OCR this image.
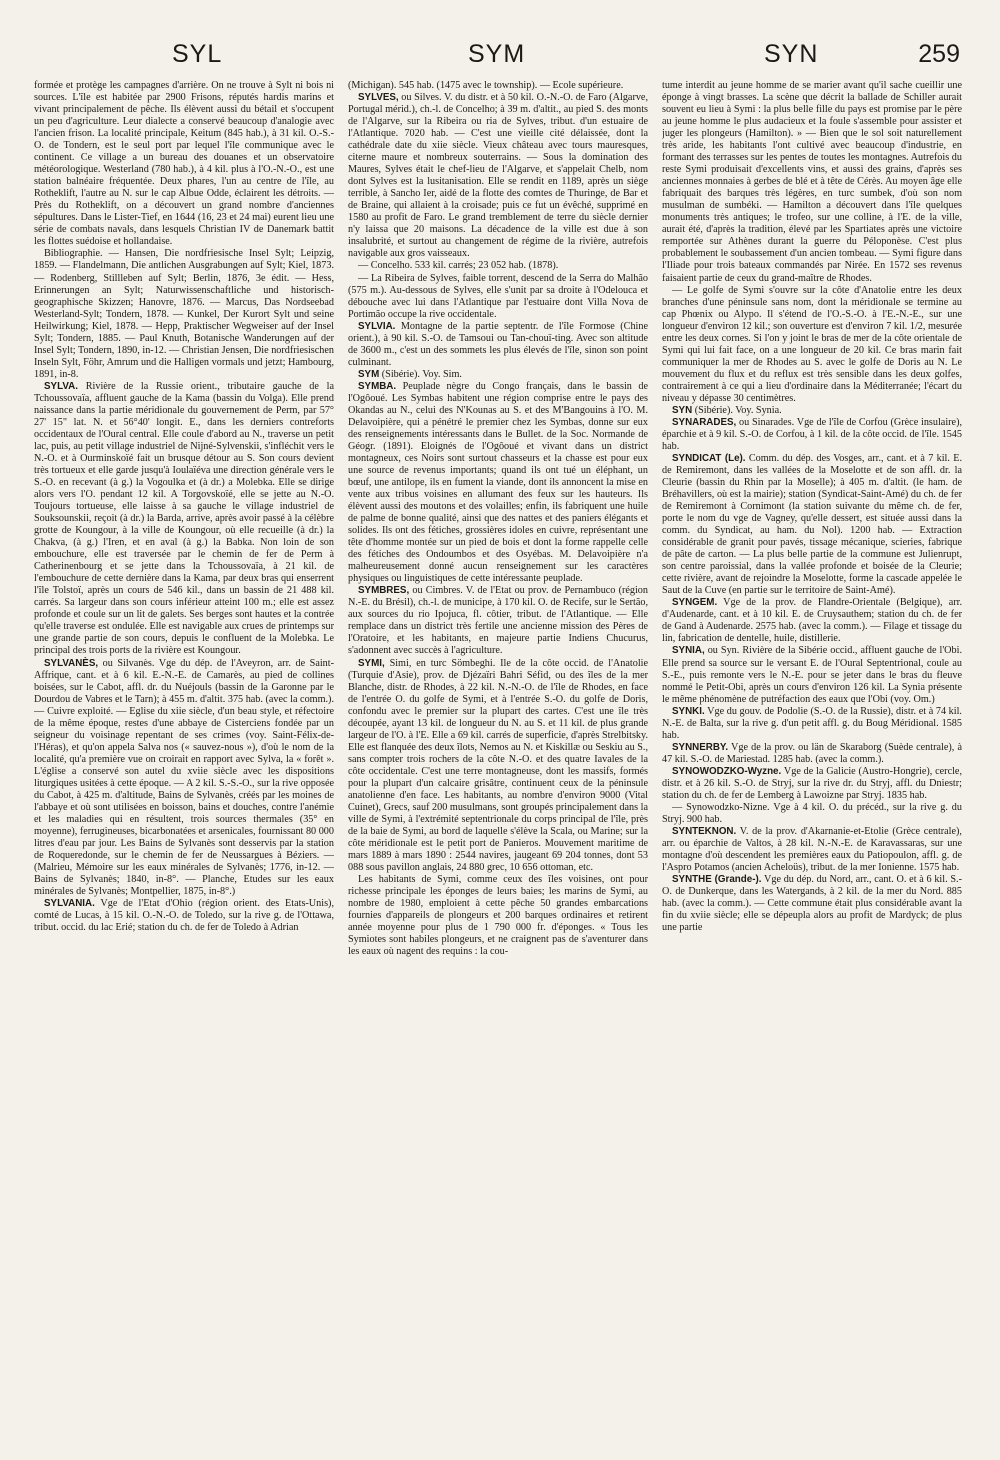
SYL	SYM	SYN	259

formée et protège les campagnes d'arrière. On ne trouve à Sylt ni bois ni sources. L'île est habitée par 2900 Frisons, réputés hardis marins et vivant principalement de pêche. Ils élèvent aussi du bétail et s'occupent un peu d'agriculture. Leur dialecte a conservé beaucoup d'analogie avec l'ancien frison. La localité principale, Keitum (845 hab.), à 31 kil. O.-S.-O. de Tondern, est le seul port par lequel l'île communique avec le continent. Ce village a un bureau des douanes et un observatoire météorologique. Westerland (780 hab.), à 4 kil. plus à l'O.-N.-O., est une station balnéaire fréquentée. Deux phares, l'un au centre de l'île, au Rotheklift, l'autre au N. sur le cap Albue Odde, éclairent les détroits. — Près du Rotheklift, on a découvert un grand nombre d'anciennes sépultures. Dans le Lister-Tief, en 1644 (16, 23 et 24 mai) eurent lieu une série de combats navals, dans lesquels Christian IV de Danemark battit les flottes suédoise et hollandaise.

Bibliographie. — Hansen, Die nordfriesische Insel Sylt; Leipzig, 1859. — Flandelmann, Die antlichen Ausgrabungen auf Sylt; Kiel, 1873. — Rodenberg, Stillleben auf Sylt; Berlin, 1876, 3e édit. — Hess, Erinnerungen an Sylt; Naturwissenschaftliche und historisch-geographische Skizzen; Hanovre, 1876. — Marcus, Das Nordseebad Westerland-Sylt; Tondern, 1878. — Kunkel, Der Kurort Sylt und seine Heilwirkung; Kiel, 1878. — Hepp, Praktischer Wegweiser auf der Insel Sylt; Tondern, 1885. — Paul Knuth, Botanische Wanderungen auf der Insel Sylt; Tondern, 1890, in-12. — Christian Jensen, Die nordfriesischen Inseln Sylt, Föhr, Amrum und die Halligen vormals und jetzt; Hambourg, 1891, in-8.

SYLVA. Rivière de la Russie orient., tributaire gauche de la Tchoussovaïa, affluent gauche de la Kama (bassin du Volga). Elle prend naissance dans la partie méridionale du gouvernement de Perm, par 57° 27' 15" lat. N. et 56°40' longit. E., dans les derniers contreforts occidentaux de l'Oural central. Elle coule d'abord au N., traverse un petit lac, puis, au petit village industriel de Nijné-Sylvenskii, s'infléchit vers le N.-O. et à Ourminskoïé fait un brusque détour au S. Son cours devient très tortueux et elle garde jusqu'à Ioulaïéva une direction générale vers le S.-O. en recevant (à g.) la Vogoulka et (à dr.) a Molebka. Elle se dirige alors vers l'O. pendant 12 kil. A Torgovskoïé, elle se jette au N.-O. Toujours tortueuse, elle laisse à sa gauche le village industriel de Souksounskii, reçoit (à dr.) la Barda, arrive, après avoir passé à la célèbre grotte de Koungour, à la ville de Koungour, où elle recueille (à dr.) la Chakva, (à g.) l'Iren, et en aval (à g.) la Babka. Non loin de son embouchure, elle est traversée par le chemin de fer de Perm à Catherinenbourg et se jette dans la Tchoussovaïa, à 21 kil. de l'embouchure de cette dernière dans la Kama, par deux bras qui enserrent l'île Tolstoï, après un cours de 546 kil., dans un bassin de 21 488 kil. carrés. Sa largeur dans son cours inférieur atteint 100 m.; elle est assez profonde et coule sur un lit de galets. Ses berges sont hautes et la contrée qu'elle traverse est ondulée. Elle est navigable aux crues de printemps sur une grande partie de son cours, depuis le confluent de la Molebka. Le principal des trois ports de la rivière est Koungour.

SYLVANÈS, ou Silvanès. Vge du dép. de l'Aveyron, arr. de Saint-Affrique, cant. et à 6 kil. E.-N.-E. de Camarès, au pied de collines boisées, sur le Cabot, affl. dr. du Nuéjouls (bassin de la Garonne par le Dourdou de Vabres et le Tarn); à 455 m. d'altit. 375 hab. (avec la comm.). — Cuivre exploité. — Eglise du xiie siècle, d'un beau style, et réfectoire de la même époque, restes d'une abbaye de Cisterciens fondée par un seigneur du voisinage repentant de ses crimes (voy. Saint-Félix-de-l'Héras), et qu'on appela Salva nos (« sauvez-nous »), d'où le nom de la localité, qu'a première vue on croirait en rapport avec Sylva, la « forêt ». L'église a conservé son autel du xviie siècle avec les dispositions liturgiques usitées à cette époque. — A 2 kil. S.-S.-O., sur la rive opposée du Cabot, à 425 m. d'altitude, Bains de Sylvanès, créés par les moines de l'abbaye et où sont utilisées en boisson, bains et douches, contre l'anémie et les maladies qui en résultent, trois sources thermales (35° en moyenne), ferrugineuses, bicarbonatées et arsenicales, fournissant 80 000 litres d'eau par jour. Les Bains de Sylvanès sont desservis par la station de Roqueredonde, sur le chemin de fer de Neussargues à Béziers. — (Malrieu, Mémoire sur les eaux minérales de Sylvanès; 1776, in-12. — Bains de Sylvanès; 1840, in-8°. — Planche, Etudes sur les eaux minérales de Sylvanès; Montpellier, 1875, in-8°.)

SYLVANIA. Vge de l'Etat d'Ohio (région orient. des Etats-Unis), comté de Lucas, à 15 kil. O.-N.-O. de Toledo, sur la rive g. de l'Ottawa, tribut. occid. du lac Erié; station du ch. de fer de Toledo à Adrian

(Michigan). 545 hab. (1475 avec le township). — Ecole supérieure.

SYLVES, ou Silves. V. du distr. et à 50 kil. O.-N.-O. de Faro (Algarve, Portugal mérid.), ch.-l. de Concelho; à 39 m. d'altit., au pied S. des monts de l'Algarve, sur la Ribeira ou ria de Sylves, tribut. d'un estuaire de l'Atlantique. 7020 hab. — C'est une vieille cité délaissée, dont la cathédrale date du xiie siècle. Vieux château avec tours mauresques, citerne maure et nombreux souterrains. — Sous la domination des Maures, Sylves était le chef-lieu de l'Algarve, et s'appelait Chelb, nom dont Sylves est la lusitanisation. Elle se rendit en 1189, après un siège terrible, à Sancho Ier, aidé de la flotte des comtes de Thuringe, de Bar et de Braine, qui allaient à la croisade; puis ce fut un évêché, supprimé en 1580 au profit de Faro. Le grand tremblement de terre du siècle dernier n'y laissa que 20 maisons. La décadence de la ville est due à son insalubrité, et surtout au changement de régime de la rivière, autrefois navigable aux gros vaisseaux.

— Concelho. 533 kil. carrés; 23 052 hab. (1878).

— La Ribeira de Sylves, faible torrent, descend de la Serra do Malhão (575 m.). Au-dessous de Sylves, elle s'unit par sa droite à l'Odelouca et débouche avec lui dans l'Atlantique par l'estuaire dont Villa Nova de Portimão occupe la rive occidentale.

SYLVIA. Montagne de la partie septentr. de l'île Formose (Chine orient.), à 90 kil. S.-O. de Tamsoui ou Tan-chouï-ting. Avec son altitude de 3600 m., c'est un des sommets les plus élevés de l'île, sinon son point culminant.

SYM (Sibérie). Voy. Sim.

SYMBA. Peuplade nègre du Congo français, dans le bassin de l'Ogôoué. Les Symbas habitent une région comprise entre le pays des Okandas au N., celui des N'Kounas au S. et des M'Bangouins à l'O. M. Delavoipière, qui a pénétré le premier chez les Symbas, donne sur eux des renseignements intéressants dans le Bullet. de la Soc. Normande de Géogr. (1891). Eloignés de l'Ogôoué et vivant dans un district montagneux, ces Noirs sont surtout chasseurs et la chasse est pour eux une source de revenus importants; quand ils ont tué un éléphant, un bœuf, une antilope, ils en fument la viande, dont ils annoncent la mise en vente aux tribus voisines en allumant des feux sur les hauteurs. Ils élèvent aussi des moutons et des volailles; enfin, ils fabriquent une huile de palme de bonne qualité, ainsi que des nattes et des paniers élégants et solides. Ils ont des fétiches, grossières idoles en cuivre, représentant une tête d'homme montée sur un pied de bois et dont la forme rappelle celle des fétiches des Ondoumbos et des Osyébas. M. Delavoipière n'a malheureusement donné aucun renseignement sur les caractères physiques ou linguistiques de cette intéressante peuplade.

SYMBRES, ou Cimbres. V. de l'Etat ou prov. de Pernambuco (région N.-E. du Brésil), ch.-l. de municipe, à 170 kil. O. de Recife, sur le Sertão, aux sources du rio Ipojuca, fl. côtier, tribut. de l'Atlantique. — Elle remplace dans un district très fertile une ancienne mission des Pères de l'Oratoire, et les habitants, en majeure partie Indiens Chucurus, s'adonnent avec succès à l'agriculture.

SYMI, Simi, en turc Sömbeghi. Ile de la côte occid. de l'Anatolie (Turquie d'Asie), prov. de Djézaïri Bahri Séfid, ou des îles de la mer Blanche, distr. de Rhodes, à 22 kil. N.-N.-O. de l'île de Rhodes, en face de l'entrée O. du golfe de Symi, et à l'entrée S.-O. du golfe de Doris, confondu avec le premier sur la plupart des cartes. C'est une île très découpée, ayant 13 kil. de longueur du N. au S. et 11 kil. de plus grande largeur de l'O. à l'E. Elle a 69 kil. carrés de superficie, d'après Strelbitsky. Elle est flanquée des deux îlots, Nemos au N. et Kiskillæ ou Seskiu au S., sans compter trois rochers de la côte N.-O. et des quatre Iavales de la côte occidentale. C'est une terre montagneuse, dont les massifs, formés pour la plupart d'un calcaire grisâtre, continuent ceux de la péninsule anatolienne d'en face. Les habitants, au nombre d'environ 9000 (Vital Cuinet), Grecs, sauf 200 musulmans, sont groupés principalement dans la ville de Symi, à l'extrémité septentrionale du corps principal de l'île, près de la baie de Symi, au bord de laquelle s'élève la Scala, ou Marine; sur la côte méridionale est le petit port de Panieros. Mouvement maritime de mars 1889 à mars 1890 : 2544 navires, jaugeant 69 204 tonnes, dont 53 088 sous pavillon anglais, 24 880 grec, 10 656 ottoman, etc.

Les habitants de Symi, comme ceux des îles voisines, ont pour richesse principale les éponges de leurs baies; les marins de Symi, au nombre de 1980, emploient à cette pêche 50 grandes embarcations fournies d'appareils de plongeurs et 200 barques ordinaires et retirent année moyenne pour plus de 1 790 000 fr. d'éponges. « Tous les Symiotes sont habiles plongeurs, et ne craignent pas de s'aventurer dans les eaux où nagent des requins : la cou-

tume interdit au jeune homme de se marier avant qu'il sache cueillir une éponge à vingt brasses. La scène que décrit la ballade de Schiller aurait souvent eu lieu à Symi : la plus belle fille du pays est promise par le père au jeune homme le plus audacieux et la foule s'assemble pour assister et juger les plongeurs (Hamilton). » — Bien que le sol soit naturellement très aride, les habitants l'ont cultivé avec beaucoup d'industrie, en formant des terrasses sur les pentes de toutes les montagnes. Autrefois du reste Symi produisait d'excellents vins, et aussi des grains, d'après ses anciennes monnaies à gerbes de blé et à tête de Cérès. Au moyen âge elle fabriquait des barques très légères, en turc sumbek, d'où son nom musulman de sumbéki. — Hamilton a découvert dans l'île quelques monuments très antiques; le trofeo, sur une colline, à l'E. de la ville, aurait été, d'après la tradition, élevé par les Spartiates après une victoire remportée sur Athènes durant la guerre du Péloponèse. C'est plus probablement le soubassement d'un ancien tombeau. — Symi figure dans l'Iliade pour trois bateaux commandés par Nirée. En 1572 ses revenus faisaient partie de ceux du grand-maître de Rhodes.

— Le golfe de Symi s'ouvre sur la côte d'Anatolie entre les deux branches d'une péninsule sans nom, dont la méridionale se termine au cap Phœnix ou Alypo. Il s'étend de l'O.-S.-O. à l'E.-N.-E., sur une longueur d'environ 12 kil.; son ouverture est d'environ 7 kil. 1/2, mesurée entre les deux cornes. Si l'on y joint le bras de mer de la côte orientale de Symi qui lui fait face, on a une longueur de 20 kil. Ce bras marin fait communiquer la mer de Rhodes au S. avec le golfe de Doris au N. Le mouvement du flux et du reflux est très sensible dans les deux golfes, contrairement à ce qui a lieu d'ordinaire dans la Méditerranée; l'écart du niveau y dépasse 30 centimètres.

SYN (Sibérie). Voy. Synia.

SYNARADES, ou Sinarades. Vge de l'île de Corfou (Grèce insulaire), éparchie et à 9 kil. S.-O. de Corfou, à 1 kil. de la côte occid. de l'île. 1545 hab.

SYNDICAT (Le). Comm. du dép. des Vosges, arr., cant. et à 7 kil. E. de Remiremont, dans les vallées de la Moselotte et de son affl. dr. la Cleurie (bassin du Rhin par la Moselle); à 405 m. d'altit. (le ham. de Bréhavillers, où est la mairie); station (Syndicat-Saint-Amé) du ch. de fer de Remiremont à Cornimont (la station suivante du même ch. de fer, porte le nom du vge de Vagney, qu'elle dessert, est située aussi dans la comm. du Syndicat, au ham. du Nol). 1200 hab. — Extraction considérable de granit pour pavés, tissage mécanique, scieries, fabrique de pâte de carton. — La plus belle partie de la commune est Julienrupt, son centre paroissial, dans la vallée profonde et boisée de la Cleurie; cette rivière, avant de rejoindre la Moselotte, forme la cascade appelée le Saut de la Cuve (en partie sur le territoire de Saint-Amé).

SYNGEM. Vge de la prov. de Flandre-Orientale (Belgique), arr. d'Audenarde, cant. et à 10 kil. E. de Cruysauthem; station du ch. de fer de Gand à Audenarde. 2575 hab. (avec la comm.). — Filage et tissage du lin, fabrication de dentelle, huile, distillerie.

SYNIA, ou Syn. Rivière de la Sibérie occid., affluent gauche de l'Obi. Elle prend sa source sur le versant E. de l'Oural Septentrional, coule au S.-E., puis remonte vers le N.-E. pour se jeter dans le bras du fleuve nommé le Petit-Obi, après un cours d'environ 126 kil. La Synia présente le même phénomène de putréfaction des eaux que l'Obi (voy. Om.)

SYNKI. Vge du gouv. de Podolie (S.-O. de la Russie), distr. et à 74 kil. N.-E. de Balta, sur la rive g. d'un petit affl. g. du Boug Méridional. 1585 hab.

SYNNERBY. Vge de la prov. ou län de Skaraborg (Suède centrale), à 47 kil. S.-O. de Mariestad. 1285 hab. (avec la comm.).

SYNOWODZKO-Wyzne. Vge de la Galicie (Austro-Hongrie), cercle, distr. et à 26 kil. S.-O. de Stryj, sur la rive dr. du Stryj, affl. du Dniestr; station du ch. de fer de Lemberg à Lawoizne par Stryj. 1835 hab.

— Synowodzko-Nizne. Vge à 4 kil. O. du précéd., sur la rive g. du Stryj. 900 hab.

SYNTEKNON. V. de la prov. d'Akarnanie-et-Etolie (Grèce centrale), arr. ou éparchie de Valtos, à 28 kil. N.-N.-E. de Karavassaras, sur une montagne d'où descendent les premières eaux du Patiopoulon, affl. g. de l'Aspro Potamos (ancien Acheloüs), tribut. de la mer Ionienne. 1575 hab.

SYNTHE (Grande-). Vge du dép. du Nord, arr., cant. O. et à 6 kil. S.-O. de Dunkerque, dans les Watergands, à 2 kil. de la mer du Nord. 885 hab. (avec la comm.). — Cette commune était plus considérable avant la fin du xviie siècle; elle se dépeupla alors au profit de Mardyck; de plus une partie
